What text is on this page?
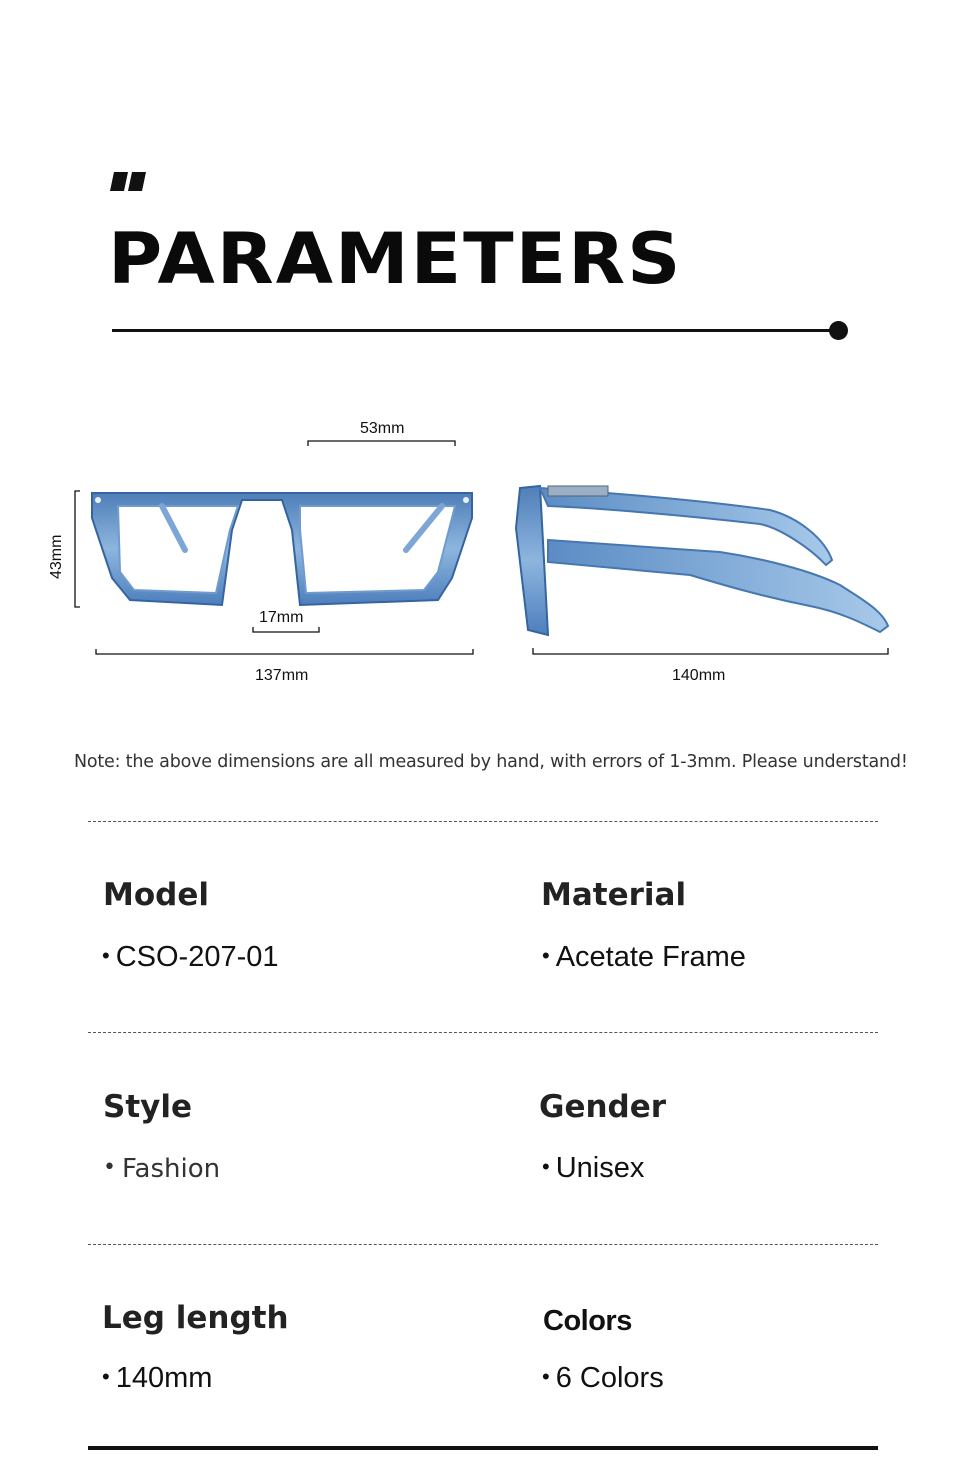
PARAMETERS
53mm
43mm
17mm
137mm	140mm
Note: the above dimensions are all measured by hand, with errors of 1-3mm. Please understand!
Model
• CSO-207-01
Material
• Acetate Frame
Style
• Fashion
Gender
• Unisex
Leg length
• 140mm
Colors
• 6 Colors
